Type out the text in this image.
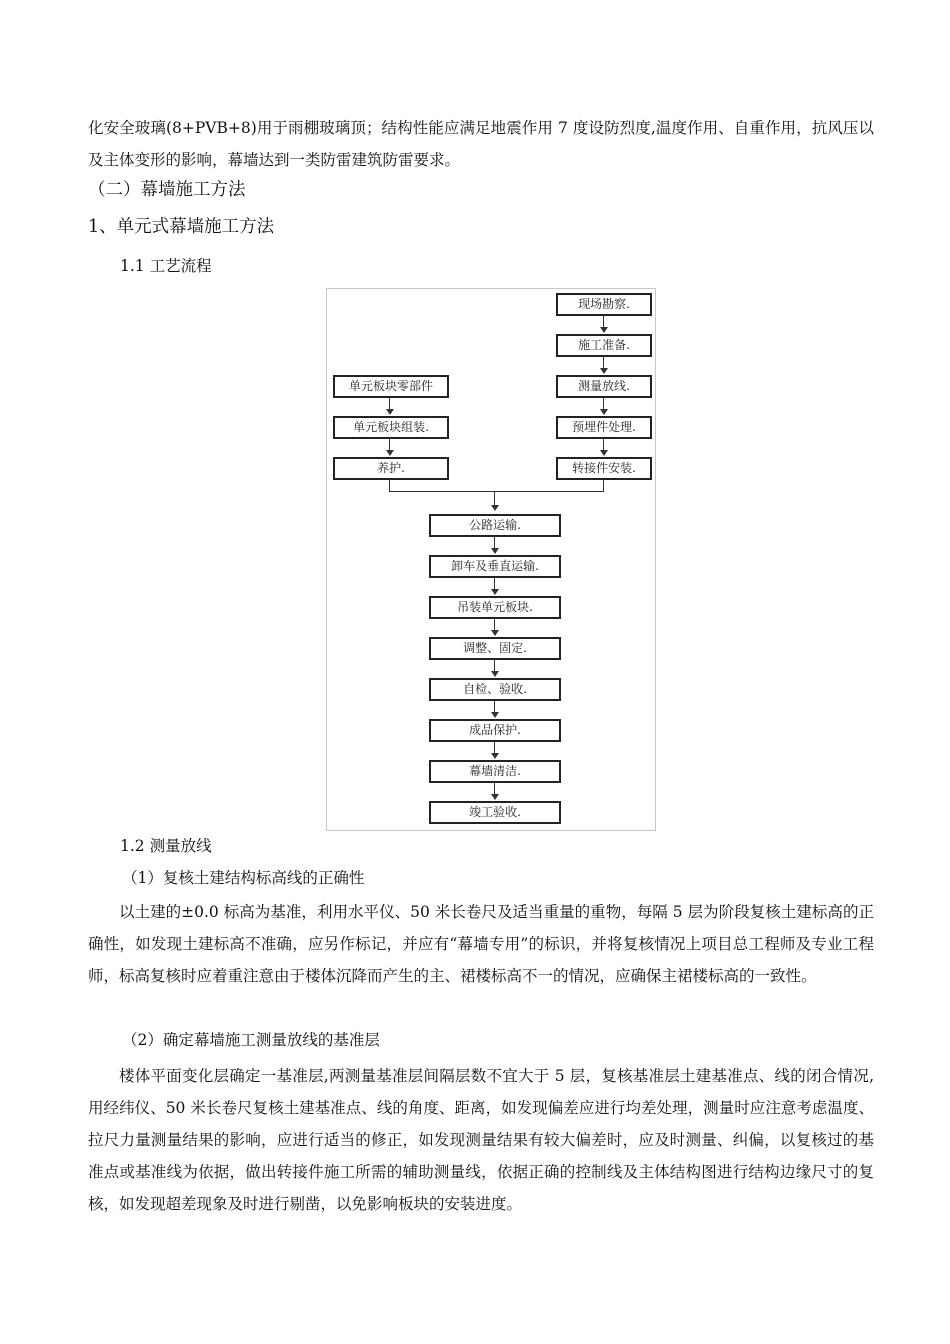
化安全玻璃(8+PVB+8)用于雨棚玻璃顶；结构性能应满足地震作用 7 度设防烈度,温度作用、自重作用，抗风压以及主体变形的影响，幕墙达到一类防雷建筑防雷要求。
（二）幕墙施工方法
1、单元式幕墙施工方法
1.1 工艺流程
现场勘察.
施工准备.
测量放线.
预埋件处理.
转接件安装.
单元板块零部件
单元板块组装.
养护.
公路运输.
卸车及垂直运输.
吊装单元板块.
调整、固定.
自检、验收.
成品保护.
幕墙清洁.
竣工验收.
1.2 测量放线
（1）复核土建结构标高线的正确性
以土建的±0.0 标高为基准，利用水平仪、50 米长卷尺及适当重量的重物，每隔 5 层为阶段复核土建标高的正确性，如发现土建标高不准确，应另作标记，并应有“幕墙专用”的标识，并将复核情况上项目总工程师及专业工程师，标高复核时应着重注意由于楼体沉降而产生的主、裙楼标高不一的情况，应确保主裙楼标高的一致性。
（2）确定幕墙施工测量放线的基准层
楼体平面变化层确定一基准层,两测量基准层间隔层数不宜大于 5 层，复核基准层土建基准点、线的闭合情况,用经纬仪、50 米长卷尺复核土建基准点、线的角度、距离，如发现偏差应进行均差处理，测量时应注意考虑温度、拉尺力量测量结果的影响，应进行适当的修正，如发现测量结果有较大偏差时，应及时测量、纠偏，以复核过的基准点或基准线为依据，做出转接件施工所需的辅助测量线，依据正确的控制线及主体结构图进行结构边缘尺寸的复核，如发现超差现象及时进行剔凿，以免影响板块的安装进度。
